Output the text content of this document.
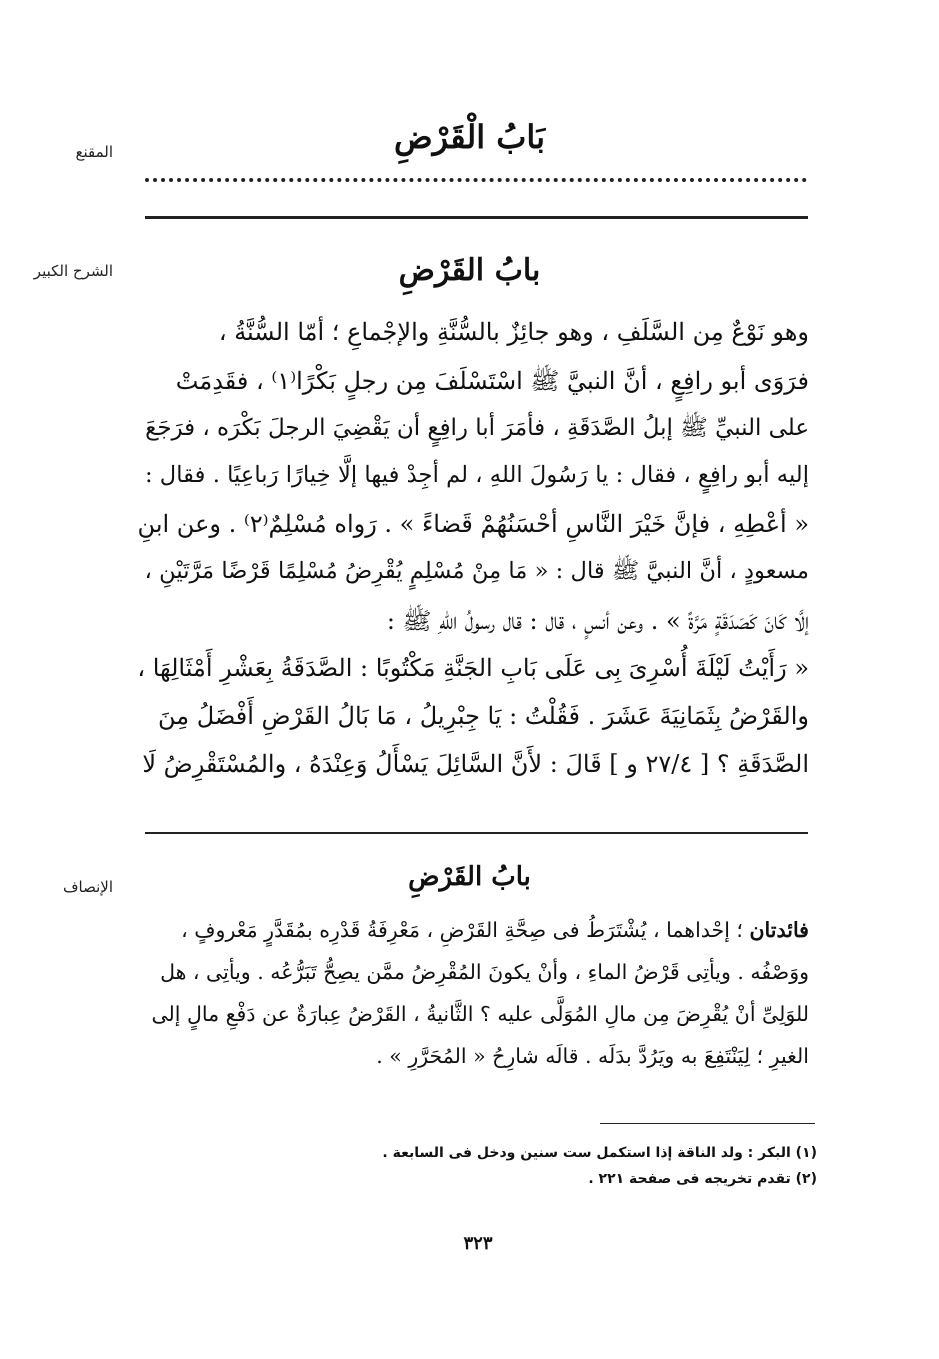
المقنع	بَابُ الْقَرْضِ
الشرح الكبير	بابُ القَرْضِ
وهو نَوْعٌ مِن السَّلَفِ ، وهو جائِزٌ بالسُّنَّةِ والإجْماعِ ؛ أمّا السُّنَّةُ ،
فرَوَى أبو رافِعٍ ، أنَّ النبيَّ ﷺ اسْتَسْلَفَ مِن رجلٍ بَكْرًا⁽١⁾ ، فقَدِمَتْ
على النبيِّ ﷺ إبلُ الصَّدَقَةِ ، فأمَرَ أبا رافِعٍ أن يَقْضِيَ الرجلَ بَكْرَه ، فرَجَعَ
إليه أبو رافِعٍ ، فقال : يا رَسُولَ اللهِ ، لم أجِدْ فيها إلَّا خِيارًا رَباعِيًا . فقال :
« أعْطِهِ ، فإنَّ خَيْرَ النَّاسِ أحْسَنُهُمْ قَضاءً » . رَواه مُسْلِمٌ⁽٢⁾ . وعن ابنِ
مسعودٍ ، أنَّ النبيَّ ﷺ قال : « مَا مِنْ مُسْلِمٍ يُقْرِضُ مُسْلِمًا قَرْضًا مَرَّتَيْنِ ،
إلَّا كَانَ كَصَدَقَةٍ مَرَّةً » . وعن أنسٍ ، قال : قال رسولُ اللهِ ﷺ :
« رَأَيْتُ لَيْلَةَ أُسْرِىَ بِى عَلَى بَابِ الجَنَّةِ مَكْتُوبًا : الصَّدَقَةُ بِعَشْرِ أَمْثَالِهَا ،
والقَرْضُ بِثَمَانِيَةَ عَشَرَ . فَقُلْتُ : يَا جِبْرِيلُ ، مَا بَالُ القَرْضِ أَفْضَلُ مِنَ
الصَّدَقَةِ ؟ [ ٢٧/٤ و ] قَالَ : لأَنَّ السَّائِلَ يَسْأَلُ وَعِنْدَهُ ، والمُسْتَقْرِضُ لَا
الإنصاف	بابُ القَرْضِ
فائدتان ؛ إحْداهما ، يُشْتَرَطُ فى صِحَّةِ القَرْضِ ، مَعْرِفَةُ قَدْرِه بمُقَدَّرٍ مَعْروفٍ ،
ووَصْفُه . ويأتِى قَرْضُ الماءِ ، وأنْ يكونَ المُقْرِضُ ممَّن يصِحُّ تَبَرُّعُه . ويأتِى ، هل
للوَلِىِّ أنْ يُقْرِضَ مِن مالِ المُوَلَّى عليه ؟ الثَّانيةُ ، القَرْضُ عِبارَةٌ عن دَفْعِ مالٍ إلى
الغيرِ ؛ لِيَنْتَفِعَ به ويَرُدَّ بدَلَه . قالَه شارِحُ « المُحَرَّرِ » .
(١) البكر : ولد الناقة إذا استكمل ست سنين ودخل فى السابعة .
(٢) تقدم تخريجه فى صفحة ٢٢١ .
٣٢٣
